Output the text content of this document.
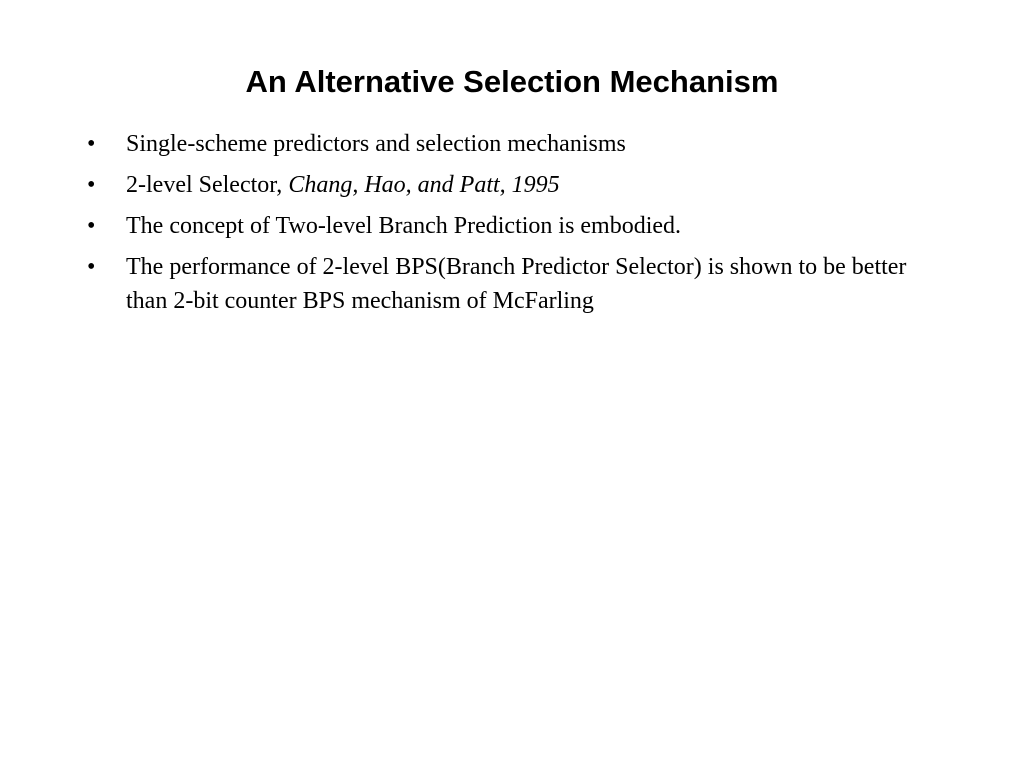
An Alternative Selection Mechanism
• Single-scheme predictors and selection mechanisms
• 2-level Selector, Chang, Hao, and Patt, 1995
• The concept of Two-level Branch Prediction is embodied.
• The performance of 2-level BPS(Branch Predictor Selector) is shown to be better than 2-bit counter BPS mechanism of McFarling
